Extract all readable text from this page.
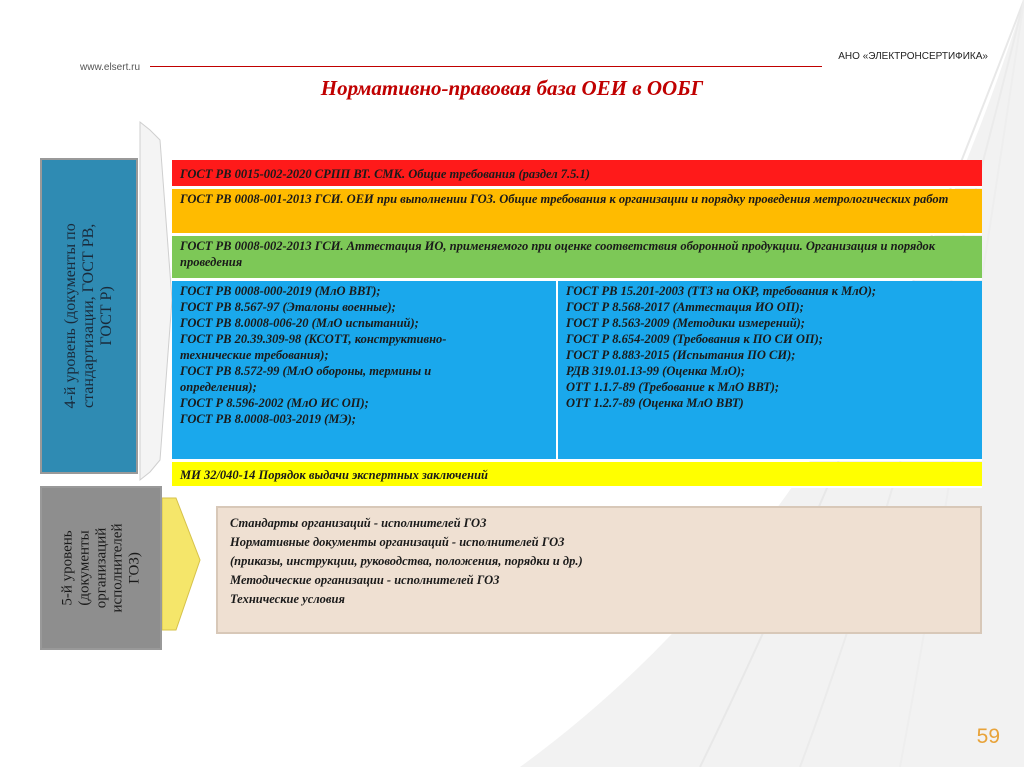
www.elsert.ru
АНО «ЭЛЕКТРОНСЕРТИФИКА»
Нормативно-правовая база ОЕИ в ООБГ
4-й уровень (документы по стандартизации, ГОСТ РВ, ГОСТ Р)
5-й уровень (документы организаций исполнителей ГОЗ)
ГОСТ РВ 0015-002-2020 СРПП ВТ. СМК. Общие требования (раздел 7.5.1)
ГОСТ РВ 0008-001-2013 ГСИ. ОЕИ при выполнении ГОЗ. Общие требования к организации и порядку проведения метрологических работ
ГОСТ РВ 0008-002-2013 ГСИ. Аттестация ИО, применяемого при оценке соответствия оборонной продукции. Организация и порядок проведения
ГОСТ РВ 0008-000-2019 (МлО ВВТ);
ГОСТ РВ 8.567-97 (Эталоны военные);
ГОСТ РВ 8.0008-006-20 (МлО испытаний);
ГОСТ РВ 20.39.309-98 (КСОТТ, конструктивно-
технические требования);
ГОСТ РВ 8.572-99 (МлО обороны, термины и
определения);
ГОСТ Р 8.596-2002 (МлО ИС ОП);
ГОСТ РВ 8.0008-003-2019 (МЭ);
ГОСТ РВ 15.201-2003 (ТТЗ на ОКР, требования к МлО);
ГОСТ Р 8.568-2017 (Аттестация ИО ОП);
ГОСТ Р 8.563-2009 (Методики измерений);
ГОСТ Р 8.654-2009 (Требования к ПО СИ ОП);
ГОСТ Р 8.883-2015 (Испытания ПО СИ);
РДВ 319.01.13-99 (Оценка МлО);
ОТТ 1.1.7-89 (Требование к МлО ВВТ);
ОТТ 1.2.7-89 (Оценка МлО ВВТ)
МИ 32/040-14 Порядок выдачи экспертных заключений
Стандарты организаций - исполнителей ГОЗ
Нормативные документы организаций - исполнителей ГОЗ
(приказы, инструкции, руководства, положения, порядки и др.)
Методические организации - исполнителей ГОЗ
Технические условия
59
